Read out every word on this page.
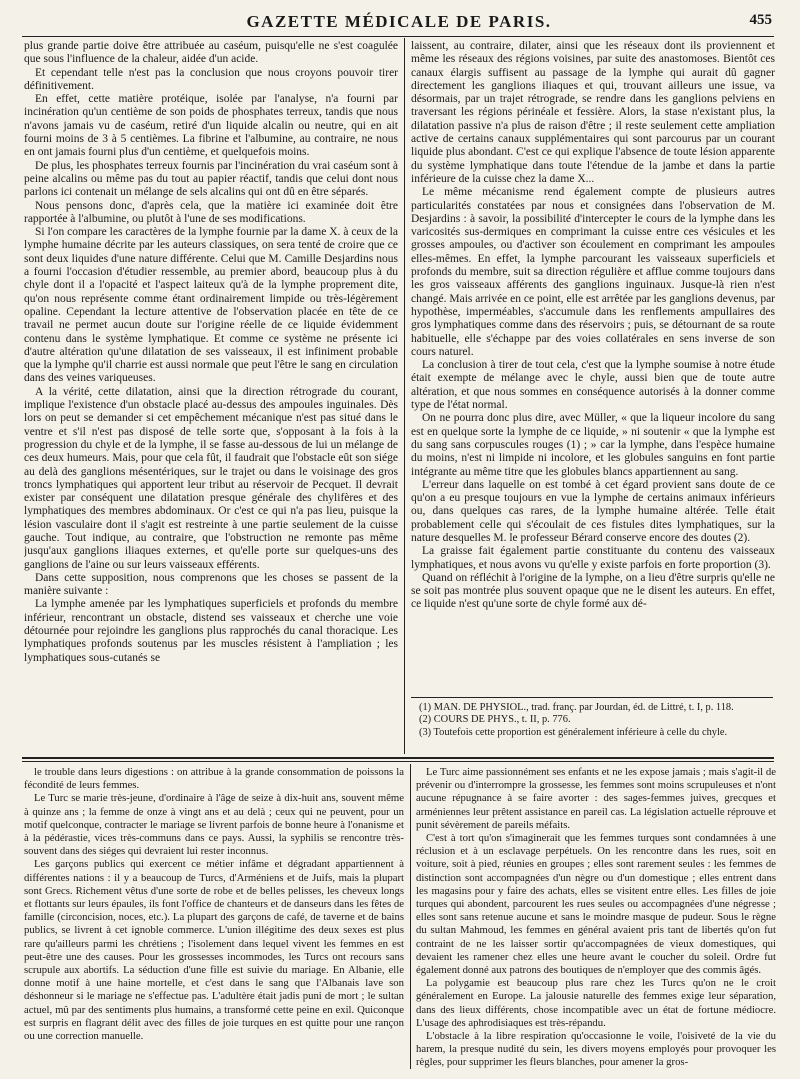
GAZETTE MÉDICALE DE PARIS.	455

plus grande partie doive être attribuée au caséum, puisqu'elle ne s'est coagulée que sous l'influence de la chaleur, aidée d'un acide.

Et cependant telle n'est pas la conclusion que nous croyons pouvoir tirer définitivement.

En effet, cette matière protéique, isolée par l'analyse, n'a fourni par incinération qu'un centième de son poids de phosphates terreux, tandis que nous n'avons jamais vu de caséum, retiré d'un liquide alcalin ou neutre, qui en ait fourni moins de 3 à 5 centièmes. La fibrine et l'albumine, au contraire, ne nous en ont jamais fourni plus d'un centième, et quelquefois moins.

De plus, les phosphates terreux fournis par l'incinération du vrai caséum sont à peine alcalins ou même pas du tout au papier réactif, tandis que celui dont nous parlons ici contenait un mélange de sels alcalins qui ont dû en être séparés.

Nous pensons donc, d'après cela, que la matière ici examinée doit être rapportée à l'albumine, ou plutôt à l'une de ses modifications.

Si l'on compare les caractères de la lymphe fournie par la dame X. à ceux de la lymphe humaine décrite par les auteurs classiques, on sera tenté de croire que ce sont deux liquides d'une nature différente. Celui que M. Camille Desjardins nous a fourni l'occasion d'étudier ressemble, au premier abord, beaucoup plus à du chyle dont il a l'opacité et l'aspect laiteux qu'à de la lymphe proprement dite, qu'on nous représente comme étant ordinairement limpide ou très-légèrement opaline. Cependant la lecture attentive de l'observation placée en tête de ce travail ne permet aucun doute sur l'origine réelle de ce liquide évidemment contenu dans le système lymphatique. Et comme ce système ne présente ici d'autre altération qu'une dilatation de ses vaisseaux, il est infiniment probable que la lymphe qu'il charrie est aussi normale que peut l'être le sang en circulation dans des veines variqueuses.

A la vérité, cette dilatation, ainsi que la direction rétrograde du courant, implique l'existence d'un obstacle placé au-dessus des ampoules inguinales. Dès lors on peut se demander si cet empêchement mécanique n'est pas situé dans le ventre et s'il n'est pas disposé de telle sorte que, s'opposant à la fois à la progression du chyle et de la lymphe, il se fasse au-dessous de lui un mélange de ces deux humeurs. Mais, pour que cela fût, il faudrait que l'obstacle eût son siége au delà des ganglions mésentériques, sur le trajet ou dans le voisinage des gros troncs lymphatiques qui apportent leur tribut au réservoir de Pecquet. Il devrait exister par conséquent une dilatation presque générale des chylifères et des lymphatiques des membres abdominaux. Or c'est ce qui n'a pas lieu, puisque la lésion vasculaire dont il s'agit est restreinte à une partie seulement de la cuisse gauche. Tout indique, au contraire, que l'obstruction ne remonte pas même jusqu'aux ganglions iliaques externes, et qu'elle porte sur quelques-uns des ganglions de l'aine ou sur leurs vaisseaux efférents.

Dans cette supposition, nous comprenons que les choses se passent de la manière suivante :

La lymphe amenée par les lymphatiques superficiels et profonds du membre inférieur, rencontrant un obstacle, distend ses vaisseaux et cherche une voie détournée pour rejoindre les ganglions plus rapprochés du canal thoracique. Les lymphatiques profonds soutenus par les muscles résistent à l'ampliation ; les lymphatiques sous-cutanés se

laissent, au contraire, dilater, ainsi que les réseaux dont ils proviennent et même les réseaux des régions voisines, par suite des anastomoses. Bientôt ces canaux élargis suffisent au passage de la lymphe qui aurait dû gagner directement les ganglions iliaques et qui, trouvant ailleurs une issue, va désormais, par un trajet rétrograde, se rendre dans les ganglions pelviens en traversant les régions périnéale et fessière. Alors, la stase n'existant plus, la dilatation passive n'a plus de raison d'être ; il reste seulement cette ampliation active de certains canaux supplémentaires qui sont parcourus par un courant liquide plus abondant. C'est ce qui explique l'absence de toute lésion apparente du système lymphatique dans toute l'étendue de la jambe et dans la partie inférieure de la cuisse chez la dame X...

Le même mécanisme rend également compte de plusieurs autres particularités constatées par nous et consignées dans l'observation de M. Desjardins : à savoir, la possibilité d'intercepter le cours de la lymphe dans les varicosités sus-dermiques en comprimant la cuisse entre ces vésicules et les grosses ampoules, ou d'activer son écoulement en comprimant les ampoules elles-mêmes. En effet, la lymphe parcourant les vaisseaux superficiels et profonds du membre, suit sa direction régulière et afflue comme toujours dans les gros vaisseaux afférents des ganglions inguinaux. Jusque-là rien n'est changé. Mais arrivée en ce point, elle est arrêtée par les ganglions devenus, par hypothèse, imperméables, s'accumule dans les renflements ampullaires des gros lymphatiques comme dans des réservoirs ; puis, se détournant de sa route habituelle, elle s'échappe par des voies collatérales en sens inverse de son cours naturel.

La conclusion à tirer de tout cela, c'est que la lymphe soumise à notre étude était exempte de mélange avec le chyle, aussi bien que de toute autre altération, et que nous sommes en conséquence autorisés à la donner comme type de l'état normal.

On ne pourra donc plus dire, avec Müller, « que la liqueur incolore du sang est en quelque sorte la lymphe de ce liquide, » ni soutenir « que la lymphe est du sang sans corpuscules rouges (1) ; » car la lymphe, dans l'espèce humaine du moins, n'est ni limpide ni incolore, et les globules sanguins en font partie intégrante au même titre que les globules blancs appartiennent au sang.

L'erreur dans laquelle on est tombé à cet égard provient sans doute de ce qu'on a eu presque toujours en vue la lymphe de certains animaux inférieurs ou, dans quelques cas rares, de la lymphe humaine altérée. Telle était probablement celle qui s'écoulait de ces fistules dites lymphatiques, sur la nature desquelles M. le professeur Bérard conserve encore des doutes (2).

La graisse fait également partie constituante du contenu des vaisseaux lymphatiques, et nous avons vu qu'elle y existe parfois en forte proportion (3).

Quand on réfléchit à l'origine de la lymphe, on a lieu d'être surpris qu'elle ne se soit pas montrée plus souvent opaque que ne le disent les auteurs. En effet, ce liquide n'est qu'une sorte de chyle formé aux dé-

(1) MAN. DE PHYSIOL., trad. franç. par Jourdan, éd. de Littré, t. I, p. 118.

(2) COURS DE PHYS., t. II, p. 776.

(3) Toutefois cette proportion est généralement inférieure à celle du chyle.

le trouble dans leurs digestions : on attribue à la grande consommation de poissons la fécondité de leurs femmes.

Le Turc se marie très-jeune, d'ordinaire à l'âge de seize à dix-huit ans, souvent même à quinze ans ; la femme de onze à vingt ans et au delà ; ceux qui ne peuvent, pour un motif quelconque, contracter le mariage se livrent parfois de bonne heure à l'onanisme et à la pédérastie, vices très-communs dans ce pays. Aussi, la syphilis se rencontre très-souvent dans des siéges qui devraient lui rester inconnus.

Les garçons publics qui exercent ce métier infâme et dégradant appartiennent à différentes nations : il y a beaucoup de Turcs, d'Arméniens et de Juifs, mais la plupart sont Grecs. Richement vêtus d'une sorte de robe et de belles pelisses, les cheveux longs et flottants sur leurs épaules, ils font l'office de chanteurs et de danseurs dans les fêtes de famille (circoncision, noces, etc.). La plupart des garçons de café, de taverne et de bains publics, se livrent à cet ignoble commerce. L'union illégitime des deux sexes est plus rare qu'ailleurs parmi les chrétiens ; l'isolement dans lequel vivent les femmes en est peut-être une des causes. Pour les grossesses incommodes, les Turcs ont recours sans scrupule aux abortifs. La séduction d'une fille est suivie du mariage. En Albanie, elle donne motif à une haine mortelle, et c'est dans le sang que l'Albanais lave son déshonneur si le mariage ne s'effectue pas. L'adultère était jadis puni de mort ; le sultan actuel, mû par des sentiments plus humains, a transformé cette peine en exil. Quiconque est surpris en flagrant délit avec des filles de joie turques en est quitte pour une rançon ou une correction manuelle.

Le Turc aime passionnément ses enfants et ne les expose jamais ; mais s'agit-il de prévenir ou d'interrompre la grossesse, les femmes sont moins scrupuleuses et n'ont aucune répugnance à se faire avorter : des sages-femmes juives, grecques et arméniennes leur prêtent assistance en pareil cas. La législation actuelle réprouve et punit sévèrement de pareils méfaits.

C'est à tort qu'on s'imaginerait que les femmes turques sont condamnées à une réclusion et à un esclavage perpétuels. On les rencontre dans les rues, soit en voiture, soit à pied, réunies en groupes ; elles sont rarement seules : les femmes de distinction sont accompagnées d'un nègre ou d'un domestique ; elles entrent dans les magasins pour y faire des achats, elles se visitent entre elles. Les filles de joie turques qui abondent, parcourent les rues seules ou accompagnées d'une négresse ; elles sont sans retenue aucune et sans le moindre masque de pudeur. Sous le règne du sultan Mahmoud, les femmes en général avaient pris tant de libertés qu'on fut contraint de ne les laisser sortir qu'accompagnées de vieux domestiques, qui devaient les ramener chez elles une heure avant le coucher du soleil. Ordre fut également donné aux patrons des boutiques de n'employer que des commis âgés.

La polygamie est beaucoup plus rare chez les Turcs qu'on ne le croit généralement en Europe. La jalousie naturelle des femmes exige leur séparation, dans des lieux différents, chose incompatible avec un état de fortune médiocre. L'usage des aphrodisiaques est très-répandu.

L'obstacle à la libre respiration qu'occasionne le voile, l'oisiveté de la vie du harem, la presque nudité du sein, les divers moyens employés pour provoquer les règles, pour supprimer les fleurs blanches, pour amener la gros-
